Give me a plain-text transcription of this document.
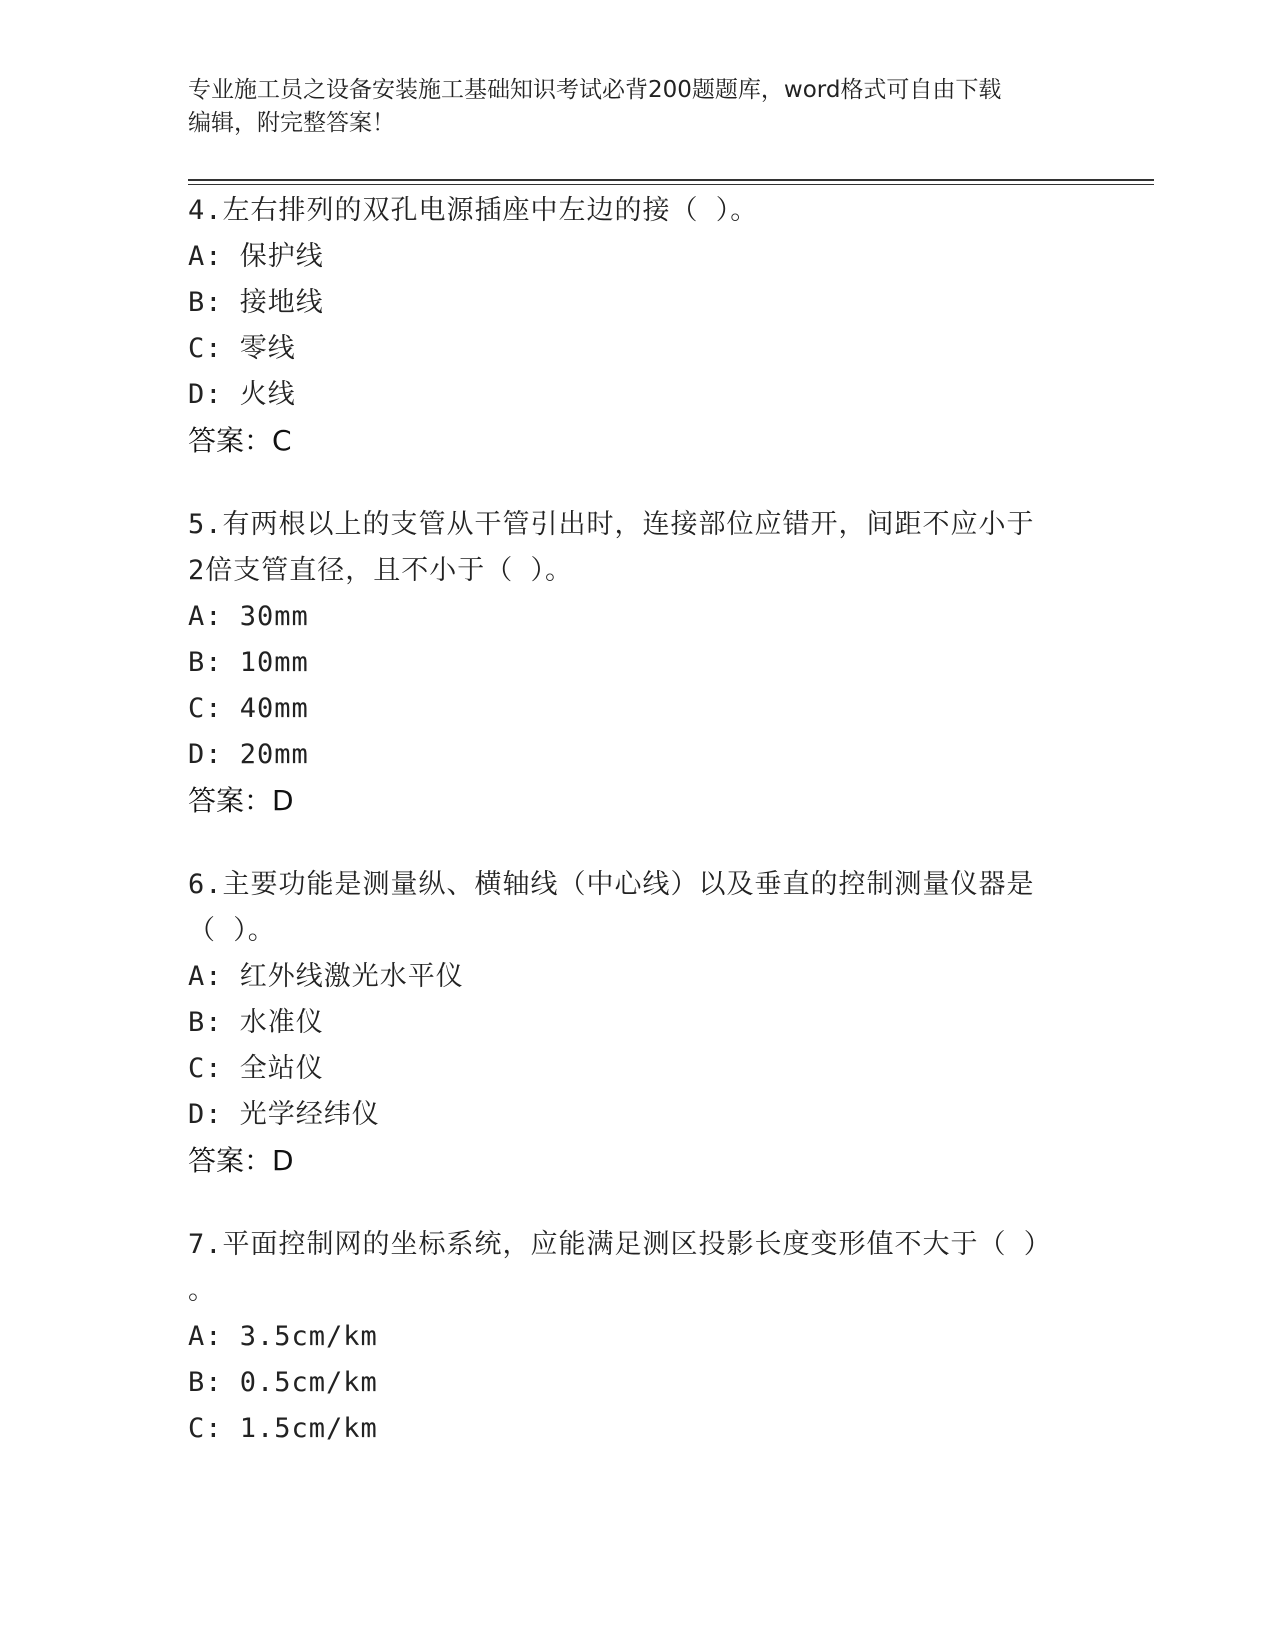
专业施工员之设备安装施工基础知识考试必背200题题库，word格式可自由下载
编辑，附完整答案！
4.左右排列的双孔电源插座中左边的接（ ）。
A: 保护线
B: 接地线
C: 零线
D: 火线
答案：C
5.有两根以上的支管从干管引出时，连接部位应错开，间距不应小于
2倍支管直径，且不小于（ ）。
A: 30mm
B: 10mm
C: 40mm
D: 20mm
答案：D
6.主要功能是测量纵、横轴线（中心线）以及垂直的控制测量仪器是
（ ）。
A: 红外线激光水平仪
B: 水准仪
C: 全站仪
D: 光学经纬仪
答案：D
7.平面控制网的坐标系统，应能满足测区投影长度变形值不大于（ ）
。
A: 3.5cm/km
B: 0.5cm/km
C: 1.5cm/km
